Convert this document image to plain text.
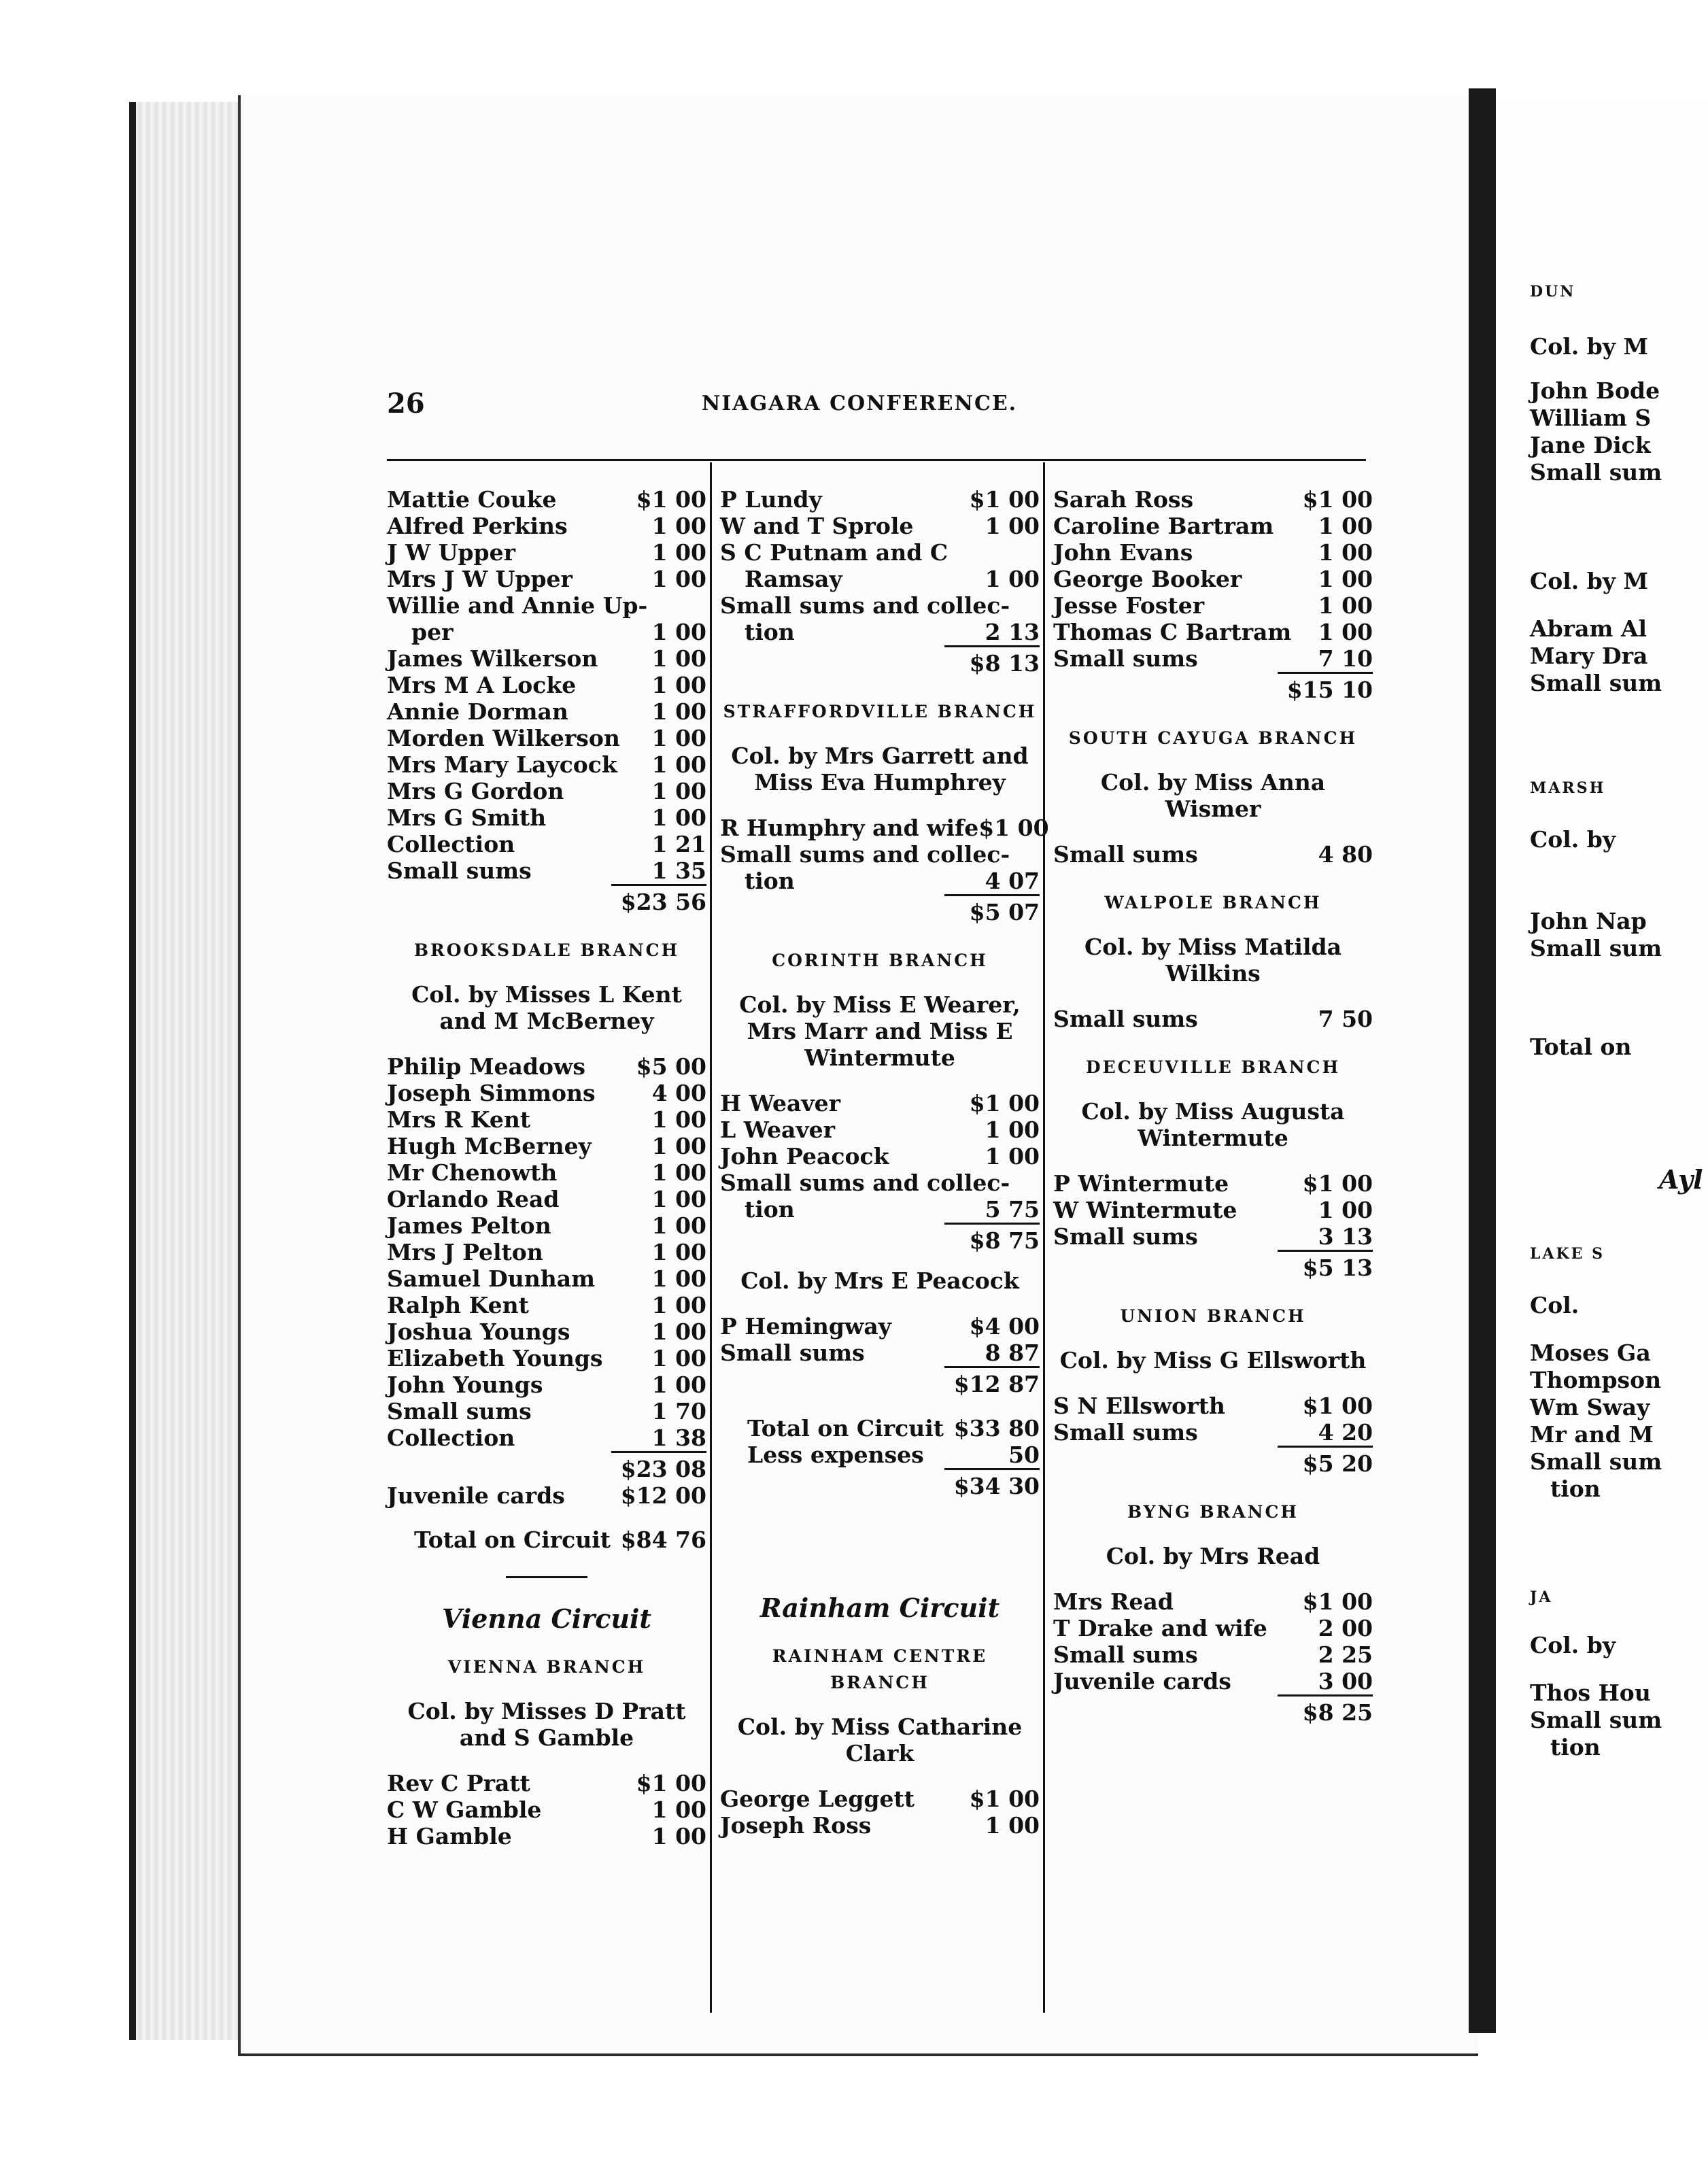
26	NIAGARA CONFERENCE.
Mattie Couke	$1 00
Alfred Perkins	1 00
J W Upper	1 00
Mrs J W Upper	1 00
Willie and Annie Up-
per	1 00
James Wilkerson 1 00
Mrs M A Locke	1 00
Annie Dorman	1 00
Morden Wilkerson 1 00
Mrs Mary Laycock 1 00
Mrs G Gordon	1 00
Mrs G Smith	1 00
Collection	1 21
Small sums	1 35
$23 56
BROOKSDALE BRANCH
Col. by Misses L Kent and M McBerney
Philip Meadows $5 00
Joseph Simmons	4 00
Mrs R Kent	1 00
Hugh McBerney	1 00
Mr Chenowth	1 00
Orlando Read	1 00
James Pelton	1 00
Mrs J Pelton	1 00
Samuel Dunham	1 00
Ralph Kent	1 00
Joshua Youngs	1 00
Elizabeth Youngs 1 00
John Youngs	1 00
Small sums	1 70
Collection	1 38
$23 08
Juvenile cards $12 00
Total on Circuit $84 76
Vienna Circuit
VIENNA BRANCH
Col. by Misses D Pratt and S Gamble
Rev C Pratt	$1 00
C W Gamble	1 00
H Gamble	1 00
P Lundy	$1 00
W and T Sprole	1 00
S C Putnam and C
Ramsay	1 00
Small sums and collec-
tion	2 13
$8 13
STRAFFORDVILLE BRANCH
Col. by Mrs Garrett and Miss Eva Humphrey
R Humphry and wife $1 00
Small sums and collec-
tion	4 07
$5 07
CORINTH BRANCH
Col. by Miss E Wearer, Mrs Marr and Miss E Wintermute
H Weaver	$1 00
L Weaver	1 00
John Peacock	1 00
Small sums and collec-
tion	5 75
$8 75
Col. by Mrs E Peacock
P Hemingway	$4 00
Small sums	8 87
$12 87
Total on Circuit $33 80
Less expenses	50
$34 30
Rainham Circuit
RAINHAM CENTRE BRANCH
Col. by Miss Catharine Clark
George Leggett $1 00
Joseph Ross	1 00
Sarah Ross	$1 00
Caroline Bartram 1 00
John Evans	1 00
George Booker	1 00
Jesse Foster	1 00
Thomas C Bartram 1 00
Small sums	7 10
$15 10
SOUTH CAYUGA BRANCH
Col. by Miss Anna Wismer
Small sums	4 80
WALPOLE BRANCH
Col. by Miss Matilda Wilkins
Small sums	7 50
DECEUVILLE BRANCH
Col. by Miss Augusta Wintermute
P Wintermute	$1 00
W Wintermute	1 00
Small sums	3 13
$5 13
UNION BRANCH
Col. by Miss G Ellsworth
S N Ellsworth	$1 00
Small sums	4 20
$5 20
BYNG BRANCH
Col. by Mrs Read
Mrs Read	$1 00
T Drake and wife 2 00
Small sums	2 25
Juvenile cards	3 00
$8 25
DUN
Col. by M
John Bode
William S
Jane Dick
Small sum
Col. by M
Abram Al
Mary Dra
Small sum
MARSH
Col. by
John Nap
Small sum
Total on
Ayl
LAKE S
Col.
Moses Ga
Thompson
Wm Sway
Mr and M
Small sum
tion
JA
Col. by
Thos Hou
Small sum
tion
